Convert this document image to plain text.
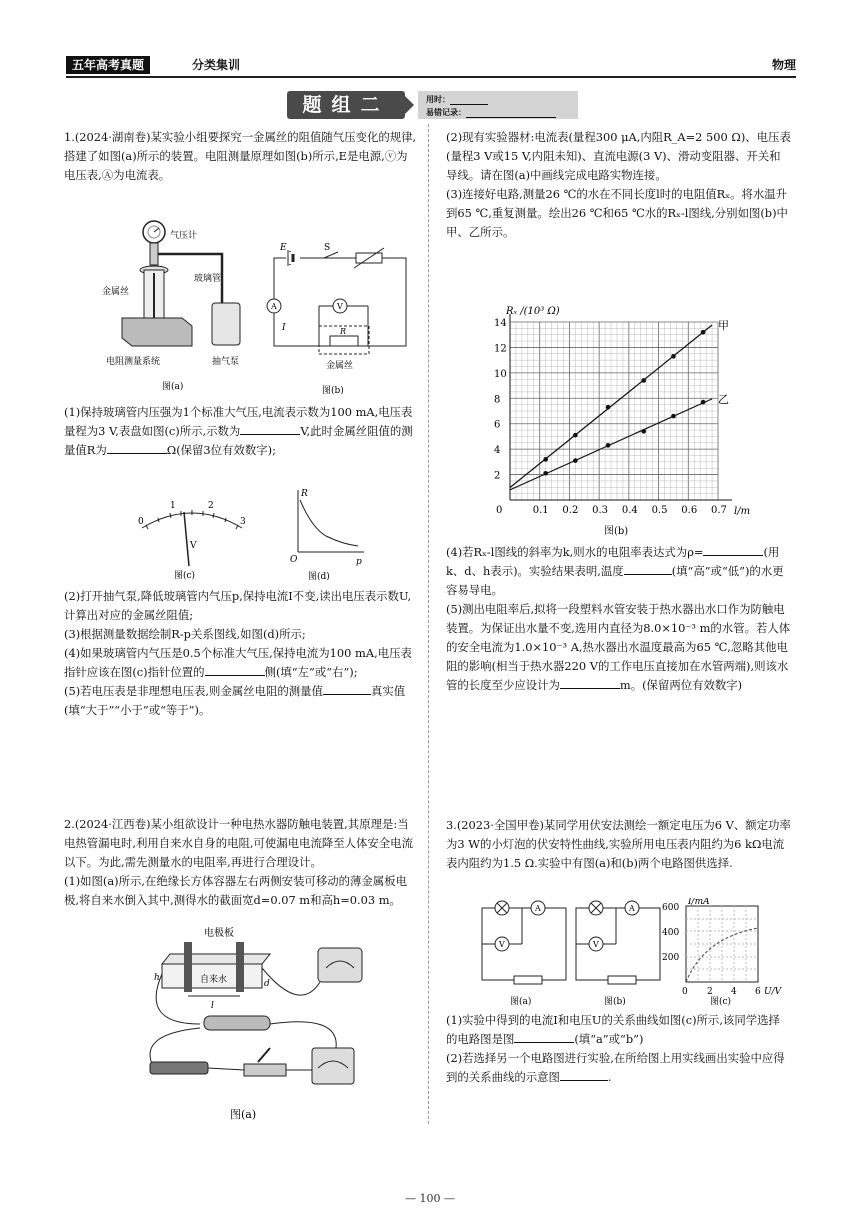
五年高考真题	分类集训	物理
题组二	用时：
易错记录：

1.(2024·湖南卷)某实验小组要探究一金属丝的阻值随气压变化的规律,搭建了如图(a)所示的装置。电阻测量原理如图(b)所示,E是电源,ⓥ为电压表,Ⓐ为电流表。

气压计
玻璃管
金属丝
电阻测量系统	抽气泵
图(a)
E	S
A	V
I	R
金属丝
图(b)

(1)保持玻璃管内压强为1个标准大气压,电流表示数为100 mA,电压表量程为3 V,表盘如图(c)所示,示数为	V,此时金属丝阻值的测量值R为	Ω(保留3位有效数字);

0
1	2
3
V
图(c)
R
p
O
图(d)

(2)打开抽气泵,降低玻璃管内气压p,保持电流I不变,读出电压表示数U,计算出对应的金属丝阻值;

(3)根据测量数据绘制R-p关系图线,如图(d)所示;

(4)如果玻璃管内气压是0.5个标准大气压,保持电流为100 mA,电压表指针应该在图(c)指针位置的	侧(填“左”或“右”);

(5)若电压表是非理想电压表,则金属丝电阻的测量值	真实值(填“大于”“小于”或“等于”)。

2.(2024·江西卷)某小组欲设计一种电热水器防触电装置,其原理是:当电热管漏电时,利用自来水自身的电阻,可使漏电电流降至人体安全电流以下。为此,需先测量水的电阻率,再进行合理设计。

(1)如图(a)所示,在绝缘长方体容器左右两侧安装可移动的薄金属板电极,将自来水倒入其中,测得水的截面宽d=0.07 m和高h=0.03 m。

电极板
自来水
h
d
l
图(a)

(2)现有实验器材:电流表(量程300 μA,内阻R_A=2 500 Ω)、电压表(量程3 V或15 V,内阻未知)、直流电源(3 V)、滑动变阻器、开关和导线。请在图(a)中画线完成电路实物连接。

(3)连接好电路,测量26 ℃的水在不同长度l时的电阻值Rₓ。将水温升到65 ℃,重复测量。绘出26 ℃和65 ℃水的Rₓ-l图线,分别如图(b)中甲、乙所示。

0	0.1 0.2 0.3 0.4 0.5 0.6 0.7
2
4
6
8
10
12
14	甲
乙
Rₓ /(10³ Ω)
l/m
图(b)

(4)若Rₓ-l图线的斜率为k,则水的电阻率表达式为ρ=	(用k、d、h表示)。实验结果表明,温度	(填“高”或“低”)的水更容易导电。

(5)测出电阻率后,拟将一段塑料水管安装于热水器出水口作为防触电装置。为保证出水量不变,选用内直径为8.0×10⁻³ m的水管。若人体的安全电流为1.0×10⁻³ A,热水器出水温度最高为65 ℃,忽略其他电阻的影响(相当于热水器220 V的工作电压直接加在水管两端),则该水管的长度至少应设计为	m。(保留两位有效数字)

3.(2023·全国甲卷)某同学用伏安法测绘一额定电压为6 V、额定功率为3 W的小灯泡的伏安特性曲线,实验所用电压表内阻约为6 kΩ电流表内阻约为1.5 Ω.实验中有图(a)和(b)两个电路图供选择.

A
V
图(a)
A
V
图(b)
I/mA
600
400
200
0 2 4 6 U/V
图(c)

(1)实验中得到的电流I和电压U的关系曲线如图(c)所示,该同学选择的电路图是图	(填“a”或“b”)

(2)若选择另一个电路图进行实验,在所给图上用实线画出实验中应得到的关系曲线的示意图	.

— 100 —
